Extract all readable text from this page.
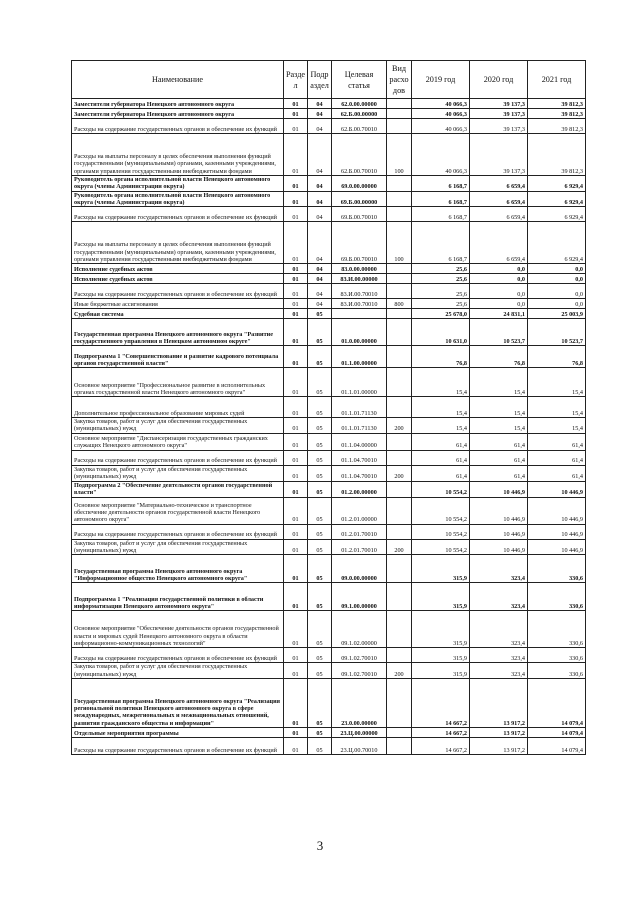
Наименование	Разде л	Подр аздел	Целевая статья	Вид расхо дов	2019 год	2020 год	2021 год
Заместители губернатора Ненецкого автономного округа	01	04	62.0.00.00000		40 066,3	39 137,3	39 812,3
Заместители губернатора Ненецкого автономного округа	01	04	62.Б.00.00000		40 066,3	39 137,3	39 812,3
Расходы на содержание государственных органов и обеспечение их функций	01	04	62.Б.00.70010		40 066,3	39 137,3	39 812,3
Расходы на выплаты персоналу в целях обеспечения выполнения функций государственными (муниципальными) органами, казенными учреждениями, органами управления государственными внебюджетными фондами	01	04	62.Б.00.70010	100	40 066,3	39 137,3	39 812,3
Руководитель органа исполнительной власти Ненецкого автономного округа (члены Администрации округа)	01	04	69.0.00.00000		6 168,7	6 659,4	6 929,4
Руководитель органа исполнительной власти Ненецкого автономного округа (члены Администрации округа)	01	04	69.Б.00.00000		6 168,7	6 659,4	6 929,4
Расходы на содержание государственных органов и обеспечение их функций	01	04	69.Б.00.70010		6 168,7	6 659,4	6 929,4
Расходы на выплаты персоналу в целях обеспечения выполнения функций государственными (муниципальными) органами, казенными учреждениями, органами управления государственными внебюджетными фондами	01	04	69.Б.00.70010	100	6 168,7	6 659,4	6 929,4
Исполнение судебных актов	01	04	83.0.00.00000		25,6	0,0	0,0
Исполнение судебных актов	01	04	83.И.00.00000		25,6	0,0	0,0
Расходы на содержание государственных органов и обеспечение их функций	01	04	83.И.00.70010		25,6	0,0	0,0
Иные бюджетные ассигнования	01	04	83.И.00.70010	800	25,6	0,0	0,0
Судебная система	01	05			25 678,0	24 831,1	25 003,9
Государственная программа Ненецкого автономного округа "Развитие государственного управления в Ненецком автономном округе"	01	05	01.0.00.00000		10 631,0	10 523,7	10 523,7
Подпрограмма 1 "Совершенствование и развитие кадрового потенциала органов государственной власти"	01	05	01.1.00.00000		76,8	76,8	76,8
Основное мероприятие "Профессиональное развитие в исполнительных органах государственной власти Ненецкого автономного округа"	01	05	01.1.01.00000		15,4	15,4	15,4
Дополнительное профессиональное образование мировых судей	01	05	01.1.01.71130		15,4	15,4	15,4
Закупка товаров, работ и услуг для обеспечения государственных (муниципальных) нужд	01	05	01.1.01.71130	200	15,4	15,4	15,4
Основное мероприятие "Диспансеризация государственных гражданских служащих Ненецкого автономного округа"	01	05	01.1.04.00000		61,4	61,4	61,4
Расходы на содержание государственных органов и обеспечение их функций	01	05	01.1.04.70010		61,4	61,4	61,4
Закупка товаров, работ и услуг для обеспечения государственных (муниципальных) нужд	01	05	01.1.04.70010	200	61,4	61,4	61,4
Подпрограмма 2 "Обеспечение деятельности органов государственной власти"	01	05	01.2.00.00000		10 554,2	10 446,9	10 446,9
Основное мероприятие "Материально-техническое и транспортное обеспечение деятельности органов государственной власти Ненецкого автономного округа"	01	05	01.2.01.00000		10 554,2	10 446,9	10 446,9
Расходы на содержание государственных органов и обеспечение их функций	01	05	01.2.01.70010		10 554,2	10 446,9	10 446,9
Закупка товаров, работ и услуг для обеспечения государственных (муниципальных) нужд	01	05	01.2.01.70010	200	10 554,2	10 446,9	10 446,9
Государственная программа Ненецкого автономного округа "Информационное общество Ненецкого автономного округа"	01	05	09.0.00.00000		315,9	323,4	330,6
Подпрограмма 1 "Реализация государственной политики в области информатизации Ненецкого автономного округа"	01	05	09.1.00.00000		315,9	323,4	330,6
Основное мероприятие "Обеспечение деятельности органов государственной власти и мировых судей Ненецкого автономного округа в области информационно-коммуникационных технологий"	01	05	09.1.02.00000		315,9	323,4	330,6
Расходы на содержание государственных органов и обеспечение их функций	01	05	09.1.02.70010		315,9	323,4	330,6
Закупка товаров, работ и услуг для обеспечения государственных (муниципальных) нужд	01	05	09.1.02.70010	200	315,9	323,4	330,6
Государственная программа Ненецкого автономного округа "Реализация региональной политики Ненецкого автономного округа в сфере международных, межрегиональных и межнациональных отношений, развития гражданского общества и информации"	01	05	23.0.00.00000		14 667,2	13 917,2	14 079,4
Отдельные мероприятия программы	01	05	23.Ц.00.00000		14 667,2	13 917,2	14 079,4
Расходы на содержание государственных органов и обеспечение их функций	01	05	23.Ц.00.70010		14 667,2	13 917,2	14 079,4
3
